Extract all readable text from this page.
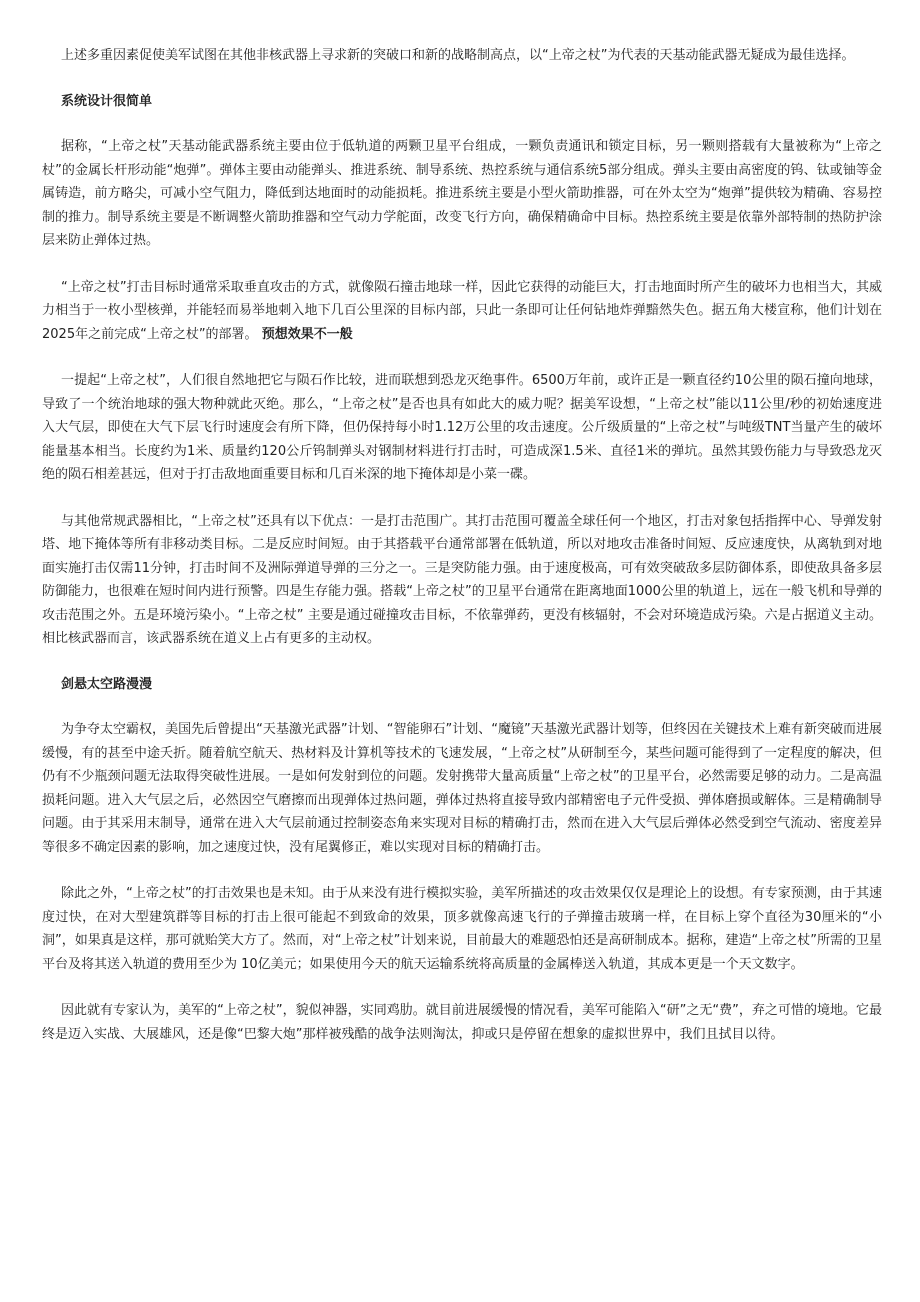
上述多重因素促使美军试图在其他非核武器上寻求新的突破口和新的战略制高点，以“上帝之杖”为代表的天基动能武器无疑成为最佳选择。

系统设计很简单

据称，“上帝之杖”天基动能武器系统主要由位于低轨道的两颗卫星平台组成，一颗负责通讯和锁定目标，另一颗则搭载有大量被称为“上帝之杖”的金属长杆形动能“炮弹”。弹体主要由动能弹头、推进系统、制导系统、热控系统与通信系统5部分组成。弹头主要由高密度的钨、钛或铀等金属铸造，前方略尖，可减小空气阻力，降低到达地面时的动能损耗。推进系统主要是小型火箭助推器，可在外太空为“炮弹”提供较为精确、容易控制的推力。制导系统主要是不断调整火箭助推器和空气动力学舵面，改变飞行方向，确保精确命中目标。热控系统主要是依靠外部特制的热防护涂层来防止弹体过热。

“上帝之杖”打击目标时通常采取垂直攻击的方式，就像陨石撞击地球一样，因此它获得的动能巨大，打击地面时所产生的破坏力也相当大，其威力相当于一枚小型核弹，并能轻而易举地刺入地下几百公里深的目标内部，只此一条即可让任何钻地炸弹黯然失色。据五角大楼宣称，他们计划在2025年之前完成“上帝之杖”的部署。 预想效果不一般

一提起“上帝之杖”，人们很自然地把它与陨石作比较，进而联想到恐龙灭绝事件。6500万年前，或许正是一颗直径约10公里的陨石撞向地球，导致了一个统治地球的强大物种就此灭绝。那么，“上帝之杖”是否也具有如此大的威力呢？据美军设想，“上帝之杖”能以11公里/秒的初始速度进入大气层，即使在大气下层飞行时速度会有所下降，但仍保持每小时1.12万公里的攻击速度。公斤级质量的“上帝之杖”与吨级TNT当量产生的破坏能量基本相当。长度约为1米、质量约120公斤钨制弹头对钢制材料进行打击时，可造成深1.5米、直径1米的弹坑。虽然其毁伤能力与导致恐龙灭绝的陨石相差甚远，但对于打击敌地面重要目标和几百米深的地下掩体却是小菜一碟。

与其他常规武器相比，“上帝之杖”还具有以下优点：一是打击范围广。其打击范围可覆盖全球任何一个地区，打击对象包括指挥中心、导弹发射塔、地下掩体等所有非移动类目标。二是反应时间短。由于其搭载平台通常部署在低轨道，所以对地攻击准备时间短、反应速度快，从离轨到对地面实施打击仅需11分钟，打击时间不及洲际弹道导弹的三分之一。三是突防能力强。由于速度极高，可有效突破敌多层防御体系，即使敌具备多层防御能力，也很难在短时间内进行预警。四是生存能力强。搭载“上帝之杖”的卫星平台通常在距离地面1000公里的轨道上，远在一般飞机和导弹的攻击范围之外。五是环境污染小。“上帝之杖” 主要是通过碰撞攻击目标，不依靠弹药，更没有核辐射，不会对环境造成污染。六是占据道义主动。相比核武器而言，该武器系统在道义上占有更多的主动权。

剑悬太空路漫漫

为争夺太空霸权，美国先后曾提出“天基激光武器”计划、“智能卵石”计划、“魔镜”天基激光武器计划等，但终因在关键技术上难有新突破而进展缓慢，有的甚至中途夭折。随着航空航天、热材料及计算机等技术的飞速发展，“上帝之杖”从研制至今，某些问题可能得到了一定程度的解决，但仍有不少瓶颈问题无法取得突破性进展。一是如何发射到位的问题。发射携带大量高质量“上帝之杖”的卫星平台，必然需要足够的动力。二是高温损耗问题。进入大气层之后，必然因空气磨擦而出现弹体过热问题，弹体过热将直接导致内部精密电子元件受损、弹体磨损或解体。三是精确制导问题。由于其采用末制导，通常在进入大气层前通过控制姿态角来实现对目标的精确打击，然而在进入大气层后弹体必然受到空气流动、密度差异等很多不确定因素的影响，加之速度过快，没有尾翼修正，难以实现对目标的精确打击。

除此之外，“上帝之杖”的打击效果也是未知。由于从来没有进行模拟实验，美军所描述的攻击效果仅仅是理论上的设想。有专家预测，由于其速度过快，在对大型建筑群等目标的打击上很可能起不到致命的效果，顶多就像高速飞行的子弹撞击玻璃一样，在目标上穿个直径为30厘米的“小洞”，如果真是这样，那可就贻笑大方了。然而，对“上帝之杖”计划来说，目前最大的难题恐怕还是高研制成本。据称，建造“上帝之杖”所需的卫星平台及将其送入轨道的费用至少为 10亿美元；如果使用今天的航天运输系统将高质量的金属棒送入轨道，其成本更是一个天文数字。

因此就有专家认为，美军的“上帝之杖”，貌似神器，实同鸡肋。就目前进展缓慢的情况看，美军可能陷入“研”之无“费”，弃之可惜的境地。它最终是迈入实战、大展雄风，还是像“巴黎大炮”那样被残酷的战争法则淘汰，抑或只是停留在想象的虚拟世界中，我们且拭目以待。
